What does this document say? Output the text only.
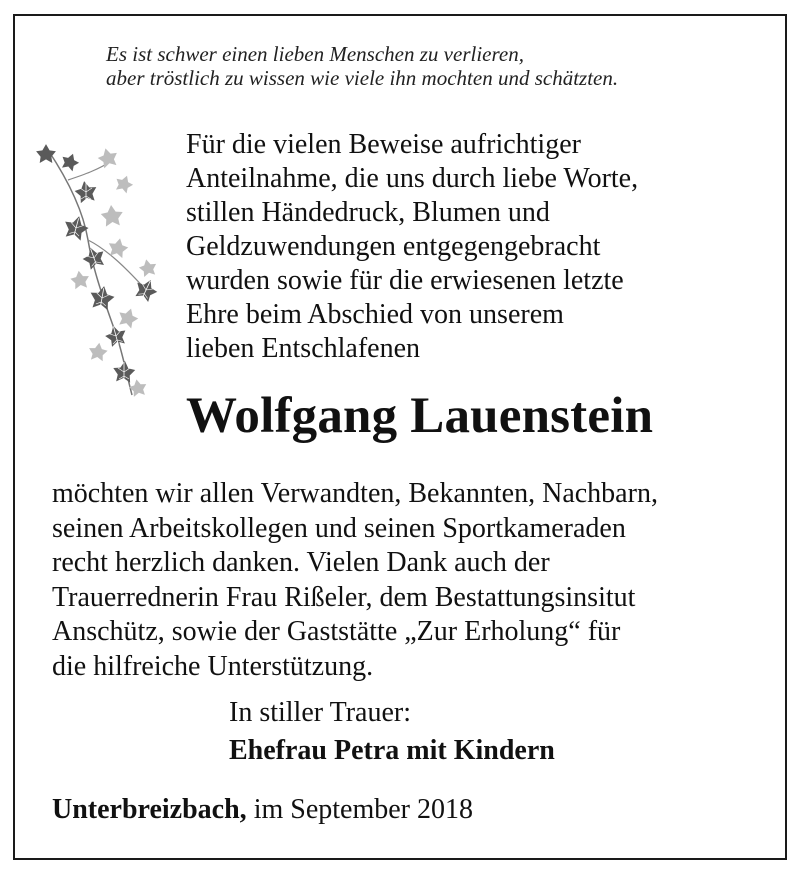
Es ist schwer einen lieben Menschen zu verlieren,
aber tröstlich zu wissen wie viele ihn mochten und schätzten.
Für die vielen Beweise aufrichtiger
Anteilnahme, die uns durch liebe Worte,
stillen Händedruck, Blumen und
Geldzuwendungen entgegengebracht
wurden sowie für die erwiesenen letzte
Ehre beim Abschied von unserem
lieben Entschlafenen
Wolfgang Lauenstein
möchten wir allen Verwandten, Bekannten, Nachbarn,
seinen Arbeitskollegen und seinen Sportkameraden
recht herzlich danken. Vielen Dank auch der
Trauerrednerin Frau Rißeler, dem Bestattungsinsitut
Anschütz, sowie der Gaststätte „Zur Erholung“ für
die hilfreiche Unterstützung.
In stiller Trauer:
Ehefrau Petra mit Kindern
Unterbreizbach, im September 2018
